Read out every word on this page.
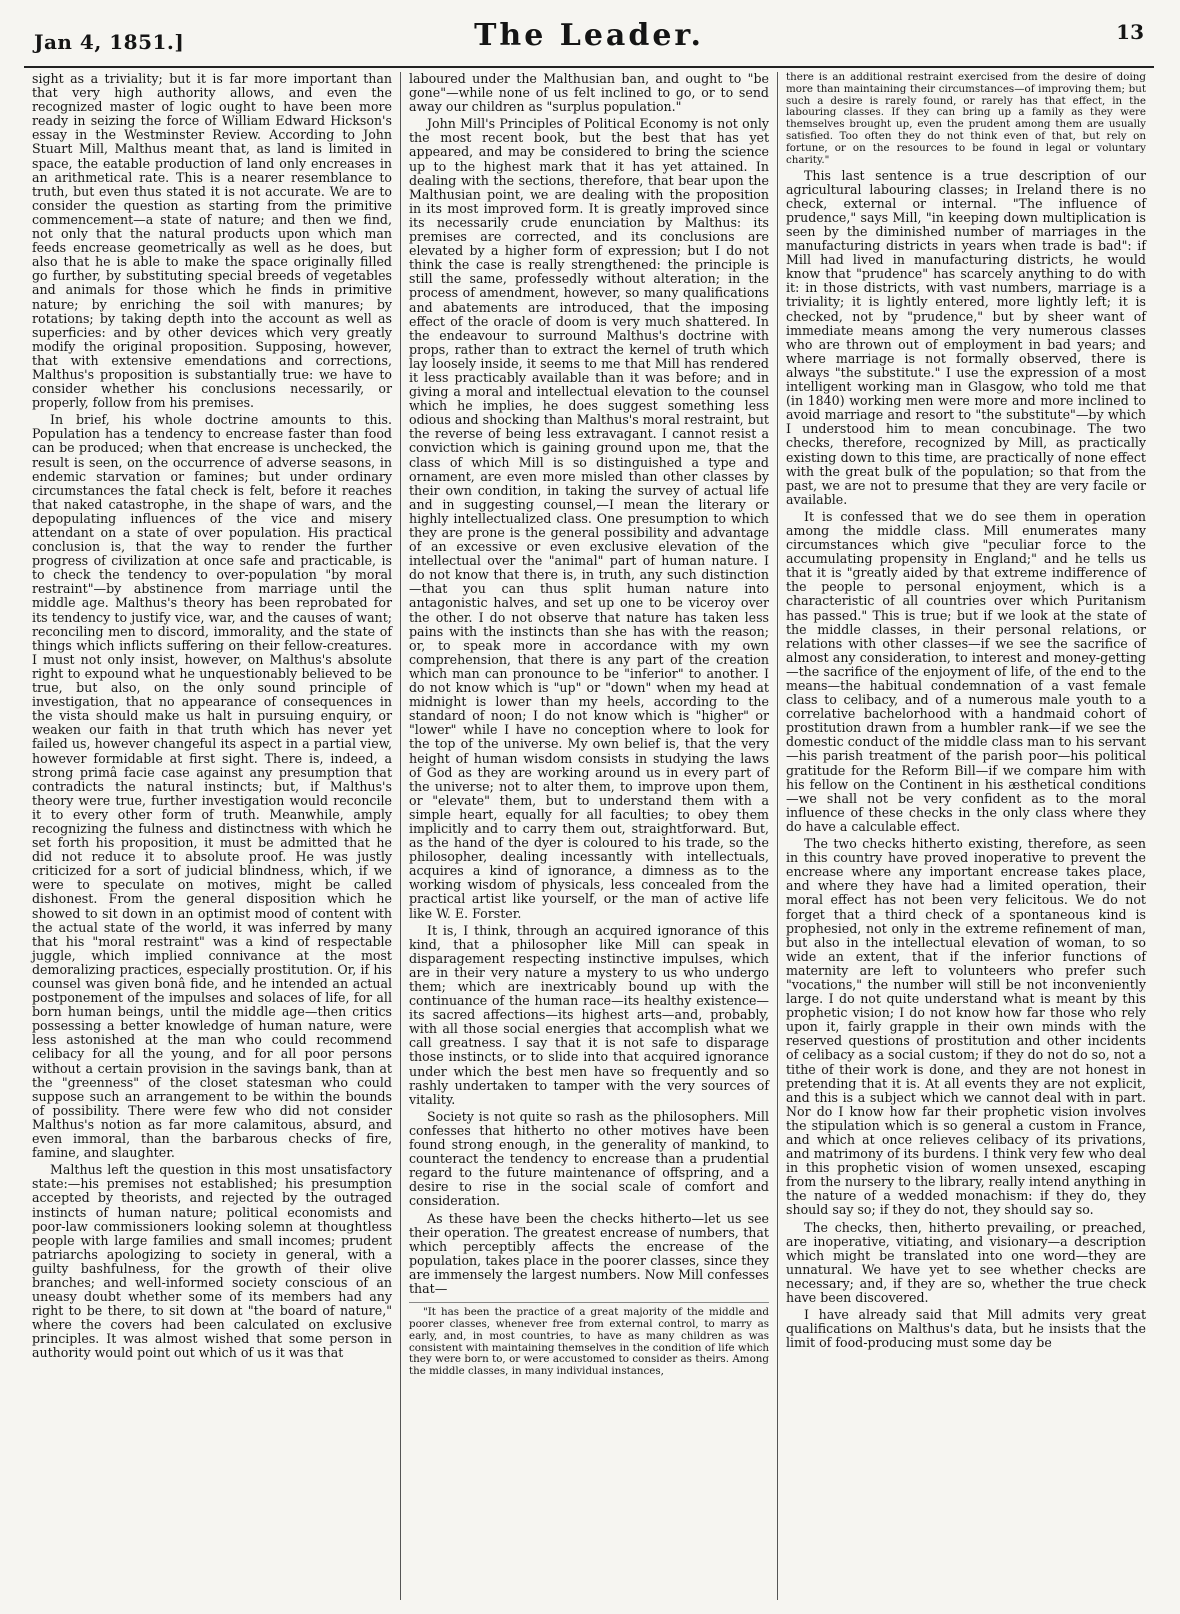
Jan 4, 1851.]	The Leader.	13

sight as a triviality; but it is far more important than that very high authority allows, and even the recognized master of logic ought to have been more ready in seizing the force of William Edward Hickson's essay in the Westminster Review. According to John Stuart Mill, Malthus meant that, as land is limited in space, the eatable production of land only encreases in an arithmetical rate. This is a nearer resemblance to truth, but even thus stated it is not accurate. We are to consider the question as starting from the primitive commencement—a state of nature; and then we find, not only that the natural products upon which man feeds encrease geometrically as well as he does, but also that he is able to make the space originally filled go further, by substituting special breeds of vegetables and animals for those which he finds in primitive nature; by enriching the soil with manures; by rotations; by taking depth into the account as well as superficies: and by other devices which very greatly modify the original proposition. Supposing, however, that with extensive emendations and corrections, Malthus's proposition is substantially true: we have to consider whether his conclusions necessarily, or properly, follow from his premises.

In brief, his whole doctrine amounts to this. Population has a tendency to encrease faster than food can be produced; when that encrease is unchecked, the result is seen, on the occurrence of adverse seasons, in endemic starvation or famines; but under ordinary circumstances the fatal check is felt, before it reaches that naked catastrophe, in the shape of wars, and the depopulating influences of the vice and misery attendant on a state of over population. His practical conclusion is, that the way to render the further progress of civilization at once safe and practicable, is to check the tendency to over-population "by moral restraint"—by abstinence from marriage until the middle age. Malthus's theory has been reprobated for its tendency to justify vice, war, and the causes of want; reconciling men to discord, immorality, and the state of things which inflicts suffering on their fellow-creatures. I must not only insist, however, on Malthus's absolute right to expound what he unquestionably believed to be true, but also, on the only sound principle of investigation, that no appearance of consequences in the vista should make us halt in pursuing enquiry, or weaken our faith in that truth which has never yet failed us, however changeful its aspect in a partial view, however formidable at first sight. There is, indeed, a strong primâ facie case against any presumption that contradicts the natural instincts; but, if Malthus's theory were true, further investigation would reconcile it to every other form of truth. Meanwhile, amply recognizing the fulness and distinctness with which he set forth his proposition, it must be admitted that he did not reduce it to absolute proof. He was justly criticized for a sort of judicial blindness, which, if we were to speculate on motives, might be called dishonest. From the general disposition which he showed to sit down in an optimist mood of content with the actual state of the world, it was inferred by many that his "moral restraint" was a kind of respectable juggle, which implied connivance at the most demoralizing practices, especially prostitution. Or, if his counsel was given bonâ fide, and he intended an actual postponement of the impulses and solaces of life, for all born human beings, until the middle age—then critics possessing a better knowledge of human nature, were less astonished at the man who could recommend celibacy for all the young, and for all poor persons without a certain provision in the savings bank, than at the "greenness" of the closet statesman who could suppose such an arrangement to be within the bounds of possibility. There were few who did not consider Malthus's notion as far more calamitous, absurd, and even immoral, than the barbarous checks of fire, famine, and slaughter.

Malthus left the question in this most unsatisfactory state:—his premises not established; his presumption accepted by theorists, and rejected by the outraged instincts of human nature; political economists and poor-law commissioners looking solemn at thoughtless people with large families and small incomes; prudent patriarchs apologizing to society in general, with a guilty bashfulness, for the growth of their olive branches; and well-informed society conscious of an uneasy doubt whether some of its members had any right to be there, to sit down at "the board of nature," where the covers had been calculated on exclusive principles. It was almost wished that some person in authority would point out which of us it was that

laboured under the Malthusian ban, and ought to "be gone"—while none of us felt inclined to go, or to send away our children as "surplus population."

John Mill's Principles of Political Economy is not only the most recent book, but the best that has yet appeared, and may be considered to bring the science up to the highest mark that it has yet attained. In dealing with the sections, therefore, that bear upon the Malthusian point, we are dealing with the proposition in its most improved form. It is greatly improved since its necessarily crude enunciation by Malthus: its premises are corrected, and its conclusions are elevated by a higher form of expression; but I do not think the case is really strengthened: the principle is still the same, professedly without alteration; in the process of amendment, however, so many qualifications and abatements are introduced, that the imposing effect of the oracle of doom is very much shattered. In the endeavour to surround Malthus's doctrine with props, rather than to extract the kernel of truth which lay loosely inside, it seems to me that Mill has rendered it less practicably available than it was before; and in giving a moral and intellectual elevation to the counsel which he implies, he does suggest something less odious and shocking than Malthus's moral restraint, but the reverse of being less extravagant. I cannot resist a conviction which is gaining ground upon me, that the class of which Mill is so distinguished a type and ornament, are even more misled than other classes by their own condition, in taking the survey of actual life and in suggesting counsel,—I mean the literary or highly intellectualized class. One presumption to which they are prone is the general possibility and advantage of an excessive or even exclusive elevation of the intellectual over the "animal" part of human nature. I do not know that there is, in truth, any such distinction—that you can thus split human nature into antagonistic halves, and set up one to be viceroy over the other. I do not observe that nature has taken less pains with the instincts than she has with the reason; or, to speak more in accordance with my own comprehension, that there is any part of the creation which man can pronounce to be "inferior" to another. I do not know which is "up" or "down" when my head at midnight is lower than my heels, according to the standard of noon; I do not know which is "higher" or "lower" while I have no conception where to look for the top of the universe. My own belief is, that the very height of human wisdom consists in studying the laws of God as they are working around us in every part of the universe; not to alter them, to improve upon them, or "elevate" them, but to understand them with a simple heart, equally for all faculties; to obey them implicitly and to carry them out, straightforward. But, as the hand of the dyer is coloured to his trade, so the philosopher, dealing incessantly with intellectuals, acquires a kind of ignorance, a dimness as to the working wisdom of physicals, less concealed from the practical artist like yourself, or the man of active life like W. E. Forster.

It is, I think, through an acquired ignorance of this kind, that a philosopher like Mill can speak in disparagement respecting instinctive impulses, which are in their very nature a mystery to us who undergo them; which are inextricably bound up with the continuance of the human race—its healthy existence—its sacred affections—its highest arts—and, probably, with all those social energies that accomplish what we call greatness. I say that it is not safe to disparage those instincts, or to slide into that acquired ignorance under which the best men have so frequently and so rashly undertaken to tamper with the very sources of vitality.

Society is not quite so rash as the philosophers. Mill confesses that hitherto no other motives have been found strong enough, in the generality of mankind, to counteract the tendency to encrease than a prudential regard to the future maintenance of offspring, and a desire to rise in the social scale of comfort and consideration.

As these have been the checks hitherto—let us see their operation. The greatest encrease of numbers, that which perceptibly affects the encrease of the population, takes place in the poorer classes, since they are immensely the largest numbers. Now Mill confesses that—

"It has been the practice of a great majority of the middle and poorer classes, whenever free from external control, to marry as early, and, in most countries, to have as many children as was consistent with maintaining themselves in the condition of life which they were born to, or were accustomed to consider as theirs. Among the middle classes, in many individual instances,

there is an additional restraint exercised from the desire of doing more than maintaining their circumstances—of improving them; but such a desire is rarely found, or rarely has that effect, in the labouring classes. If they can bring up a family as they were themselves brought up, even the prudent among them are usually satisfied. Too often they do not think even of that, but rely on fortune, or on the resources to be found in legal or voluntary charity."

This last sentence is a true description of our agricultural labouring classes; in Ireland there is no check, external or internal. "The influence of prudence," says Mill, "in keeping down multiplication is seen by the diminished number of marriages in the manufacturing districts in years when trade is bad": if Mill had lived in manufacturing districts, he would know that "prudence" has scarcely anything to do with it: in those districts, with vast numbers, marriage is a triviality; it is lightly entered, more lightly left; it is checked, not by "prudence," but by sheer want of immediate means among the very numerous classes who are thrown out of employment in bad years; and where marriage is not formally observed, there is always "the substitute." I use the expression of a most intelligent working man in Glasgow, who told me that (in 1840) working men were more and more inclined to avoid marriage and resort to "the substitute"—by which I understood him to mean concubinage. The two checks, therefore, recognized by Mill, as practically existing down to this time, are practically of none effect with the great bulk of the population; so that from the past, we are not to presume that they are very facile or available.

It is confessed that we do see them in operation among the middle class. Mill enumerates many circumstances which give "peculiar force to the accumulating propensity in England;" and he tells us that it is "greatly aided by that extreme indifference of the people to personal enjoyment, which is a characteristic of all countries over which Puritanism has passed." This is true; but if we look at the state of the middle classes, in their personal relations, or relations with other classes—if we see the sacrifice of almost any consideration, to interest and money-getting—the sacrifice of the enjoyment of life, of the end to the means—the habitual condemnation of a vast female class to celibacy, and of a numerous male youth to a correlative bachelorhood with a handmaid cohort of prostitution drawn from a humbler rank—if we see the domestic conduct of the middle class man to his servant—his parish treatment of the parish poor—his political gratitude for the Reform Bill—if we compare him with his fellow on the Continent in his æsthetical conditions—we shall not be very confident as to the moral influence of these checks in the only class where they do have a calculable effect.

The two checks hitherto existing, therefore, as seen in this country have proved inoperative to prevent the encrease where any important encrease takes place, and where they have had a limited operation, their moral effect has not been very felicitous. We do not forget that a third check of a spontaneous kind is prophesied, not only in the extreme refinement of man, but also in the intellectual elevation of woman, to so wide an extent, that if the inferior functions of maternity are left to volunteers who prefer such "vocations," the number will still be not inconveniently large. I do not quite understand what is meant by this prophetic vision; I do not know how far those who rely upon it, fairly grapple in their own minds with the reserved questions of prostitution and other incidents of celibacy as a social custom; if they do not do so, not a tithe of their work is done, and they are not honest in pretending that it is. At all events they are not explicit, and this is a subject which we cannot deal with in part. Nor do I know how far their prophetic vision involves the stipulation which is so general a custom in France, and which at once relieves celibacy of its privations, and matrimony of its burdens. I think very few who deal in this prophetic vision of women unsexed, escaping from the nursery to the library, really intend anything in the nature of a wedded monachism: if they do, they should say so; if they do not, they should say so.

The checks, then, hitherto prevailing, or preached, are inoperative, vitiating, and visionary—a description which might be translated into one word—they are unnatural. We have yet to see whether checks are necessary; and, if they are so, whether the true check have been discovered.

I have already said that Mill admits very great qualifications on Malthus's data, but he insists that the limit of food-producing must some day be
